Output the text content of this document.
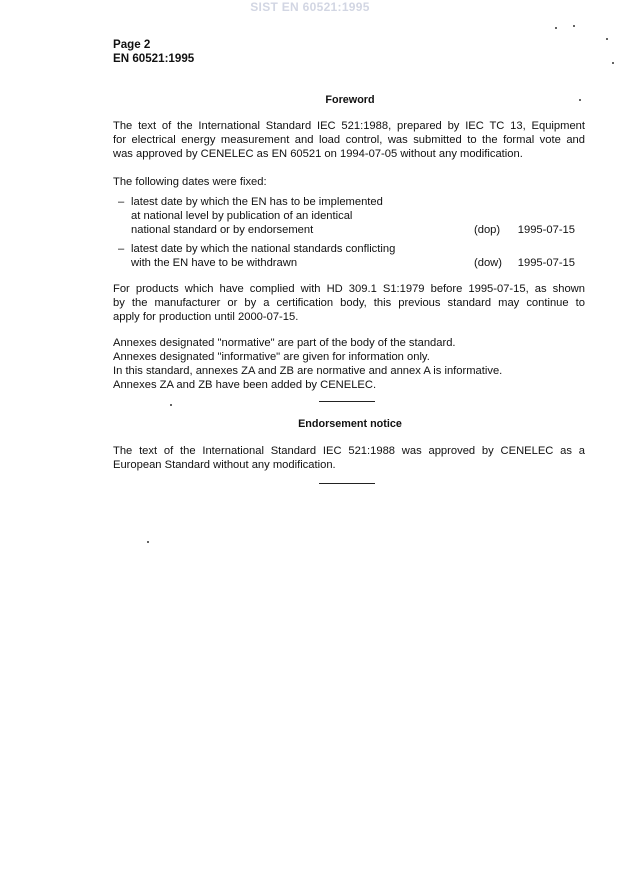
SIST EN 60521:1995
Page 2
EN 60521:1995
Foreword
The text of the International Standard IEC 521:1988, prepared by IEC TC 13, Equipment
for electrical energy measurement and load control, was submitted to the formal vote and
was approved by CENELEC as EN 60521 on 1994-07-05 without any modification.
The following dates were fixed:
– latest date by which the EN has to be implemented
at national level by publication of an identical
national standard or by endorsement	(dop) 1995-07-15
– latest date by which the national standards conflicting
with the EN have to be withdrawn	(dow) 1995-07-15
For products which have complied with HD 309.1 S1:1979 before 1995-07-15, as shown
by the manufacturer or by a certification body, this previous standard may continue to
apply for production until 2000-07-15.
Annexes designated "normative" are part of the body of the standard.
Annexes designated "informative" are given for information only.
In this standard, annexes ZA and ZB are normative and annex A is informative.
Annexes ZA and ZB have been added by CENELEC.
Endorsement notice
The text of the International Standard IEC 521:1988 was approved by CENELEC as a
European Standard without any modification.
